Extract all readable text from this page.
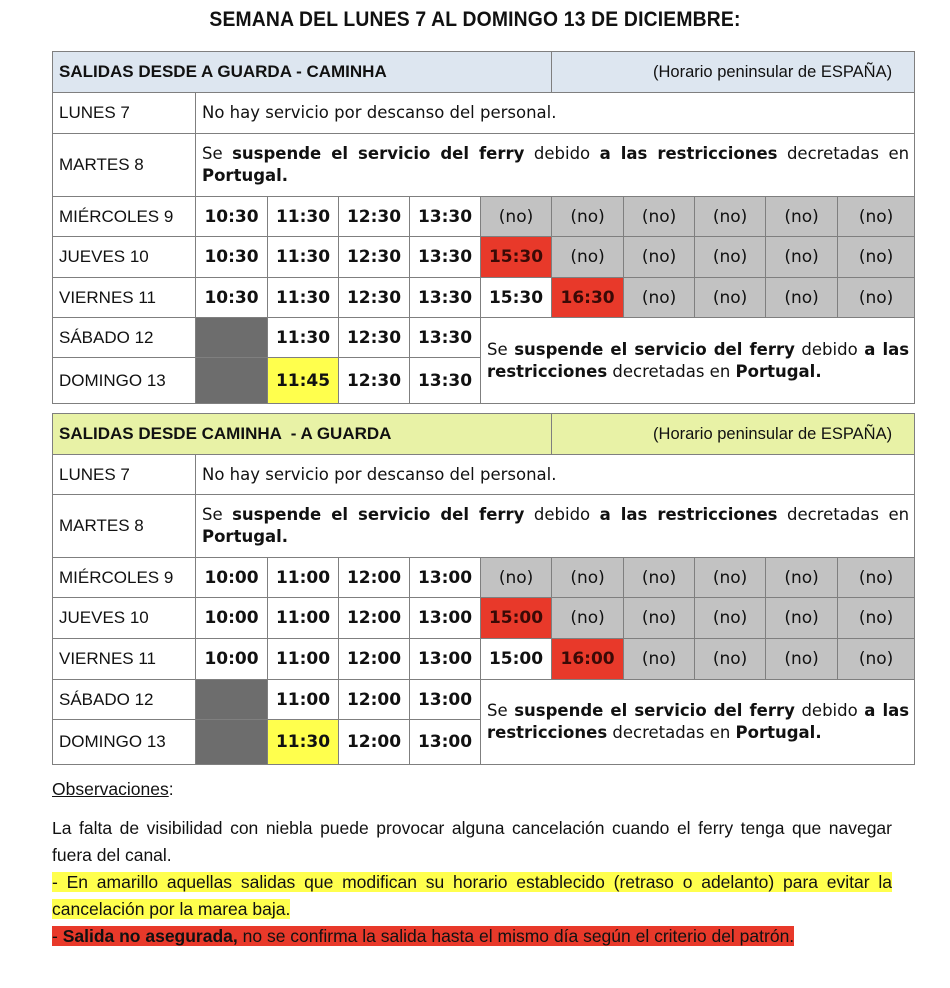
SEMANA DEL LUNES 7 AL DOMINGO 13 DE DICIEMBRE:
SALIDAS DESDE A GUARDA - CAMINHA						(Horario peninsular de ESPAÑA)				
LUNES 7	No hay servicio por descanso del personal.									
MARTES 8	Se suspende el servicio del ferry debido a las restricciones decretadas en Portugal.									
MIÉRCOLES 9	10:30	11:30	12:30	13:30	(no)	(no)	(no)	(no)	(no)	(no)
JUEVES 10	10:30	11:30	12:30	13:30	15:30	(no)	(no)	(no)	(no)	(no)
VIERNES 11	10:30	11:30	12:30	13:30	15:30	16:30	(no)	(no)	(no)	(no)
SÁBADO 12		11:30	12:30	13:30	Se suspende el servicio del ferry debido a las restricciones decretadas en Portugal.					
DOMINGO 13		11:45	12:30	13:30						
SALIDAS DESDE CAMINHA  - A GUARDA						(Horario peninsular de ESPAÑA)				
LUNES 7	No hay servicio por descanso del personal.									
MARTES 8	Se suspende el servicio del ferry debido a las restricciones decretadas en Portugal.									
MIÉRCOLES 9	10:00	11:00	12:00	13:00	(no)	(no)	(no)	(no)	(no)	(no)
JUEVES 10	10:00	11:00	12:00	13:00	15:00	(no)	(no)	(no)	(no)	(no)
VIERNES 11	10:00	11:00	12:00	13:00	15:00	16:00	(no)	(no)	(no)	(no)
SÁBADO 12		11:00	12:00	13:00	Se suspende el servicio del ferry debido a las restricciones decretadas en Portugal.					
DOMINGO 13		11:30	12:00	13:00						
Observaciones:
La falta de visibilidad con niebla puede provocar alguna cancelación cuando el ferry tenga que navegar fuera del canal.
- En amarillo aquellas salidas que modifican su horario establecido (retraso o adelanto) para evitar la cancelación por la marea baja.
- Salida no asegurada, no se confirma la salida hasta el mismo día según el criterio del patrón.
